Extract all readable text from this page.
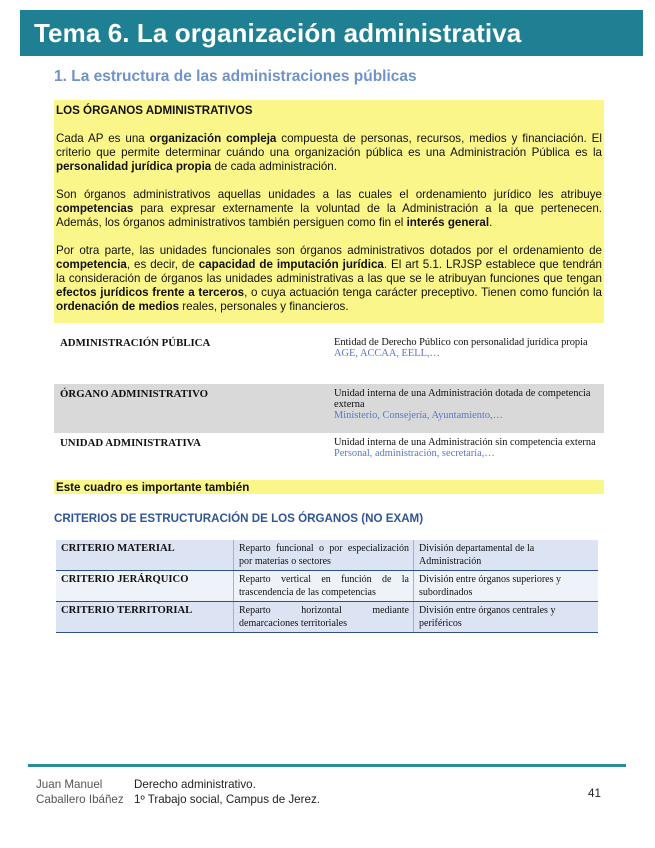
Tema 6. La organización administrativa
1. La estructura de las administraciones públicas
LOS ÓRGANOS ADMINISTRATIVOS

Cada AP es una organización compleja compuesta de personas, recursos, medios y financiación. El criterio que permite determinar cuándo una organización pública es una Administración Pública es la personalidad jurídica propia de cada administración.

Son órganos administrativos aquellas unidades a las cuales el ordenamiento jurídico les atribuye competencias para expresar externamente la voluntad de la Administración a la que pertenecen. Además, los órganos administrativos también persiguen como fin el interés general.

Por otra parte, las unidades funcionales son órganos administrativos dotados por el ordenamiento de competencia, es decir, de capacidad de imputación jurídica. El art 5.1. LRJSP establece que tendrán la consideración de órganos las unidades administrativas a las que se le atribuyan funciones que tengan efectos jurídicos frente a terceros, o cuya actuación tenga carácter preceptivo. Tienen como función la ordenación de medios reales, personales y financieros.

ADMINISTRACIÓN PÚBLICA	Entidad de Derecho Público con personalidad jurídica propia
AGE, ACCAA, EELL,…
ÓRGANO ADMINISTRATIVO	Unidad interna de una Administración dotada de competencia externa
Ministerio, Consejería, Ayuntamiento,…
UNIDAD ADMINISTRATIVA	Unidad interna de una Administración sin competencia externa
Personal, administración, secretaría,…
Este cuadro es importante también
CRITERIOS DE ESTRUCTURACIÓN DE LOS ÓRGANOS (NO EXAM)
CRITERIO MATERIAL	Reparto funcional o por especialización por materias o sectores	División departamental de la Administración
CRITERIO JERÁRQUICO	Reparto vertical en función de la trascendencia de las competencias	División entre órganos superiores y subordinados
CRITERIO TERRITORIAL	Reparto horizontal mediante demarcaciones territoriales	División entre órganos centrales y periféricos
Juan Manuel Caballero Ibáñez
Derecho administrativo.
1º Trabajo social, Campus de Jerez.	41
